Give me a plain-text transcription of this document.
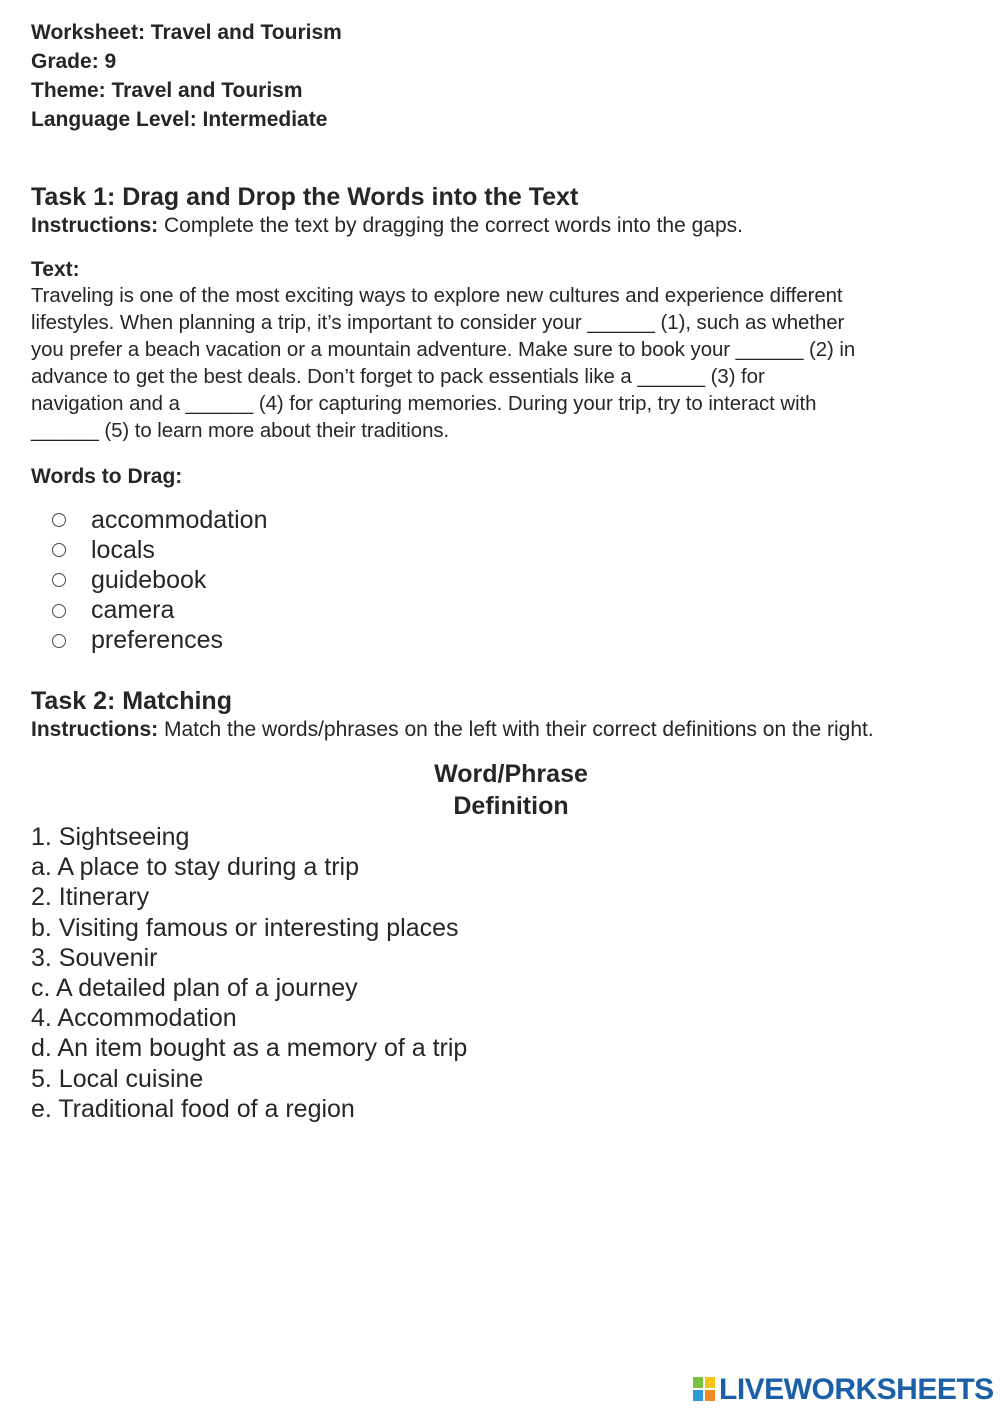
Worksheet: Travel and Tourism
Grade: 9
Theme: Travel and Tourism
Language Level: Intermediate
Task 1: Drag and Drop the Words into the Text
Instructions: Complete the text by dragging the correct words into the gaps.
Text:
Traveling is one of the most exciting ways to explore new cultures and experience different
lifestyles. When planning a trip, it’s important to consider your ______ (1), such as whether
you prefer a beach vacation or a mountain adventure. Make sure to book your ______ (2) in
advance to get the best deals. Don’t forget to pack essentials like a ______ (3) for
navigation and a ______ (4) for capturing memories. During your trip, try to interact with
______ (5) to learn more about their traditions.
Words to Drag:
accommodation
locals
guidebook
camera
preferences
Task 2: Matching
Instructions: Match the words/phrases on the left with their correct definitions on the right.
Word/Phrase
Definition
1. Sightseeing
a. A place to stay during a trip
2. Itinerary
b. Visiting famous or interesting places
3. Souvenir
c. A detailed plan of a journey
4. Accommodation
d. An item bought as a memory of a trip
5. Local cuisine
e. Traditional food of a region
LIVEWORKSHEETS
